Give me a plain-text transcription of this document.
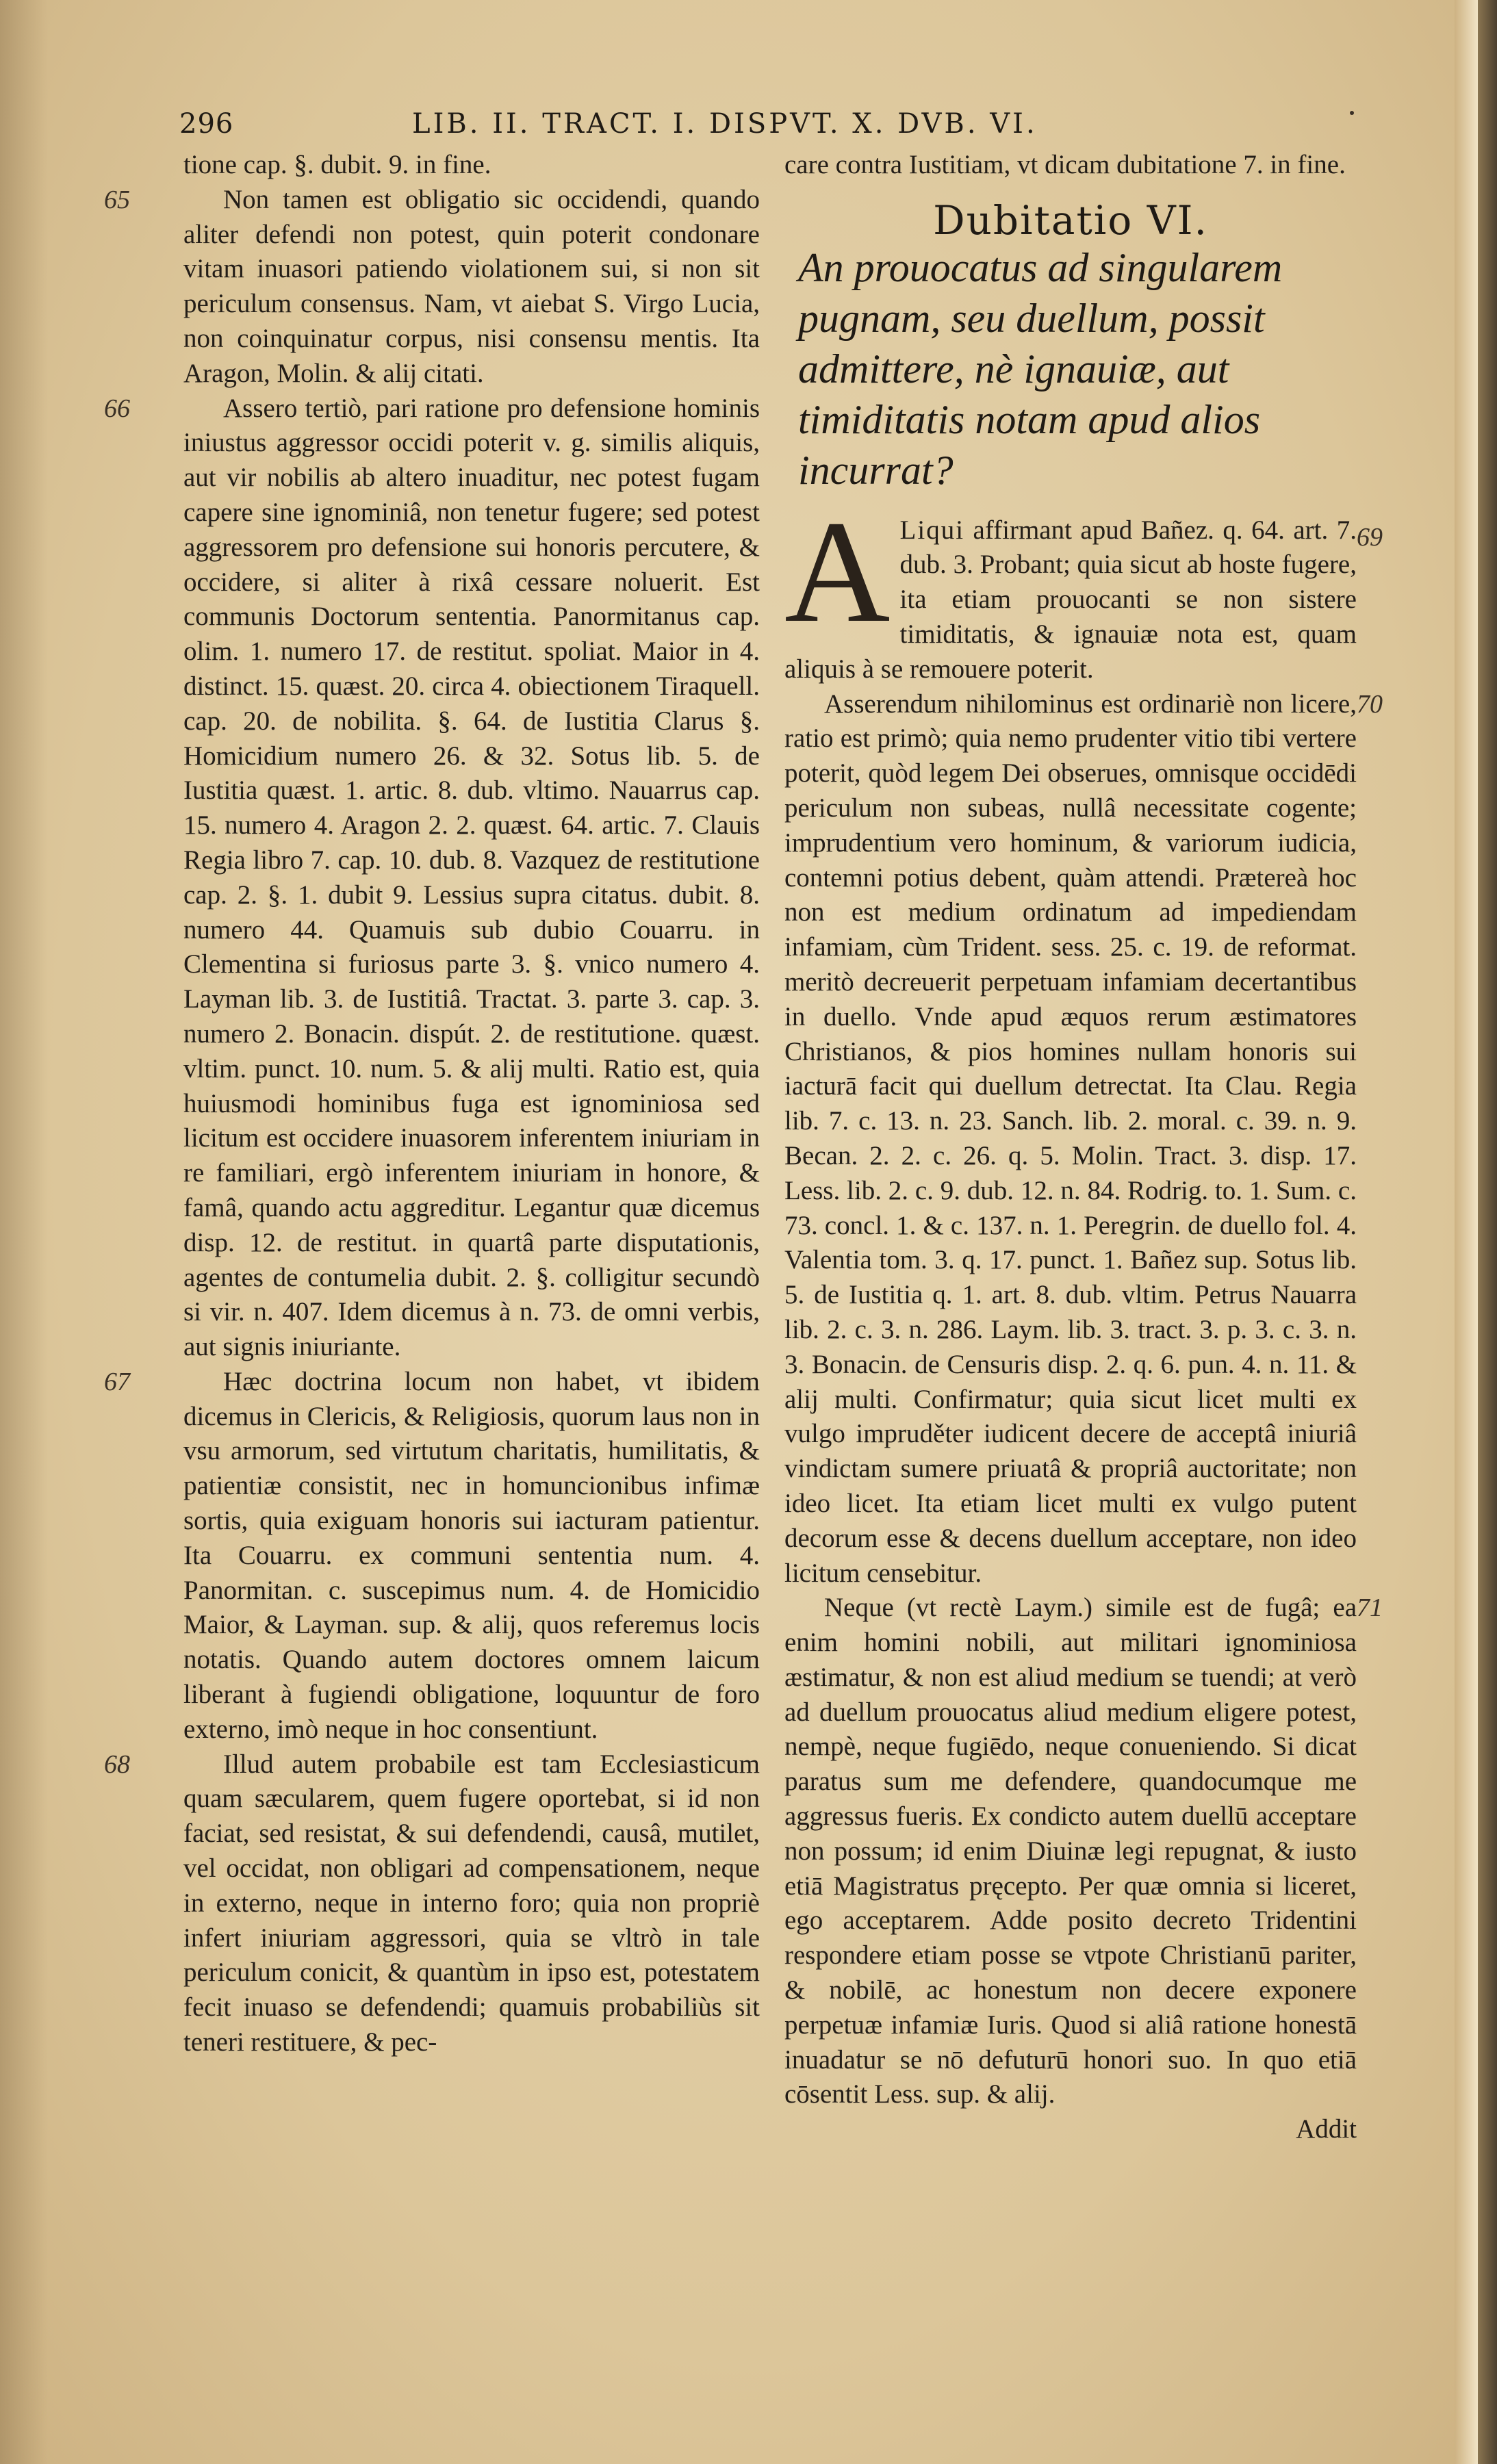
296	LIB. II. TRACT. I. DISPVT. X. DVB. VI.

tione cap. §. dubit. 9. in fine.

65	Non tamen est obligatio sic occidendi, quando aliter defendi non potest, quin poterit condonare vitam inuasori patiendo violationem sui, si non sit periculum consensus. Nam, vt aiebat S. Virgo Lucia, non coinquinatur corpus, nisi consensu mentis. Ita Aragon, Molin. & alij citati.

66	Assero tertiò, pari ratione pro defensione hominis iniustus aggressor occidi poterit v. g. similis aliquis, aut vir nobilis ab altero inuaditur, nec potest fugam capere sine ignominiâ, non tenetur fugere; sed potest aggressorem pro defensione sui honoris percutere, & occidere, si aliter à rixâ cessare noluerit. Est communis Doctorum sententia. Panormitanus cap. olim. 1. numero 17. de restitut. spoliat. Maior in 4. distinct. 15. quæst. 20. circa 4. obiectionem Tiraquell. cap. 20. de nobilita. §. 64. de Iustitia Clarus §. Homicidium numero 26. & 32. Sotus lib. 5. de Iustitia quæst. 1. artic. 8. dub. vltimo. Nauarrus cap. 15. numero 4. Aragon 2. 2. quæst. 64. artic. 7. Clauis Regia libro 7. cap. 10. dub. 8. Vazquez de restitutione cap. 2. §. 1. dubit 9. Lessius supra citatus. dubit. 8. numero 44. Quamuis sub dubio Couarru. in Clementina si furiosus parte 3. §. vnico numero 4. Layman lib. 3. de Iustitiâ. Tractat. 3. parte 3. cap. 3. numero 2. Bonacin. dispút. 2. de restitutione. quæst. vltim. punct. 10. num. 5. & alij multi. Ratio est, quia huiusmodi hominibus fuga est ignominiosa sed licitum est occidere inuasorem inferentem iniuriam in re familiari, ergò inferentem iniuriam in honore, & famâ, quando actu aggreditur. Legantur quæ dicemus disp. 12. de restitut. in quartâ parte disputationis, agentes de contumelia dubit. 2. §. colligitur secundò si vir. n. 407. Idem dicemus à n. 73. de omni verbis, aut signis iniuriante.

67	Hæc doctrina locum non habet, vt ibidem dicemus in Clericis, & Religiosis, quorum laus non in vsu armorum, sed virtutum charitatis, humilitatis, & patientiæ consistit, nec in homuncionibus infimæ sortis, quia exiguam honoris sui iacturam patientur. Ita Couarru. ex communi sententia num. 4. Panormitan. c. suscepimus num. 4. de Homicidio Maior, & Layman. sup. & alij, quos referemus locis notatis. Quando autem doctores omnem laicum liberant à fugiendi obligatione, loquuntur de foro externo, imò neque in hoc consentiunt.

68	Illud autem probabile est tam Ecclesiasticum quam sæcularem, quem fugere oportebat, si id non faciat, sed resistat, & sui defendendi, causâ, mutilet, vel occidat, non obligari ad compensationem, neque in externo, neque in interno foro; quia non propriè infert iniuriam aggressori, quia se vltrò in tale periculum conicit, & quantùm in ipso est, potestatem fecit inuaso se defendendi; quamuis probabiliùs sit teneri restituere, & pec-

care contra Iustitiam, vt dicam dubitatione 7. in fine.

Dubitatio VI.
An prouocatus ad singularem pugnam, seu duellum, possit admittere, nè ignauiæ, aut timiditatis notam apud alios incurrat?
69

A Liqui affirmant apud Bañez. q. 64. art. 7. dub. 3. Probant; quia sicut ab hoste fugere, ita etiam prouocanti se non sistere timiditatis, & ignauiæ nota est, quam aliquis à se remouere poterit.

70

Asserendum nihilominus est ordinariè non licere, ratio est primò; quia nemo prudenter vitio tibi vertere poterit, quòd legem Dei obserues, omnisque occidēdi periculum non subeas, nullâ necessitate cogente; imprudentium vero hominum, & variorum iudicia, contemni potius debent, quàm attendi. Prætereà hoc non est medium ordinatum ad impediendam infamiam, cùm Trident. sess. 25. c. 19. de reformat. meritò decreuerit perpetuam infamiam decertantibus in duello. Vnde apud æquos rerum æstimatores Christianos, & pios homines nullam honoris sui iacturā facit qui duellum detrectat. Ita Clau. Regia lib. 7. c. 13. n. 23. Sanch. lib. 2. moral. c. 39. n. 9. Becan. 2. 2. c. 26. q. 5. Molin. Tract. 3. disp. 17. Less. lib. 2. c. 9. dub. 12. n. 84. Rodrig. to. 1. Sum. c. 73. concl. 1. & c. 137. n. 1. Peregrin. de duello fol. 4. Valentia tom. 3. q. 17. punct. 1. Bañez sup. Sotus lib. 5. de Iustitia q. 1. art. 8. dub. vltim. Petrus Nauarra lib. 2. c. 3. n. 286. Laym. lib. 3. tract. 3. p. 3. c. 3. n. 3. Bonacin. de Censuris disp. 2. q. 6. pun. 4. n. 11. & alij multi. Confirmatur; quia sicut licet multi ex vulgo impruděter iudicent decere de acceptâ iniuriâ vindictam sumere priuatâ & propriâ auctoritate; non ideo licet. Ita etiam licet multi ex vulgo putent decorum esse & decens duellum acceptare, non ideo licitum censebitur.

71

Neque (vt rectè Laym.) simile est de fugâ; ea enim homini nobili, aut militari ignominiosa æstimatur, & non est aliud medium se tuendi; at verò ad duellum prouocatus aliud medium eligere potest, nempè, neque fugiēdo, neque conueniendo. Si dicat paratus sum me defendere, quandocumque me aggressus fueris. Ex condicto autem duellū acceptare non possum; id enim Diuinæ legi repugnat, & iusto etiā Magistratus pręcepto. Per quæ omnia si liceret, ego acceptarem. Adde posito decreto Tridentini respondere etiam posse se vtpote Christianū pariter, & nobilē, ac honestum non decere exponere perpetuæ infamiæ Iuris. Quod si aliâ ratione honestā inuadatur se nō defuturū honori suo. In quo etiā cōsentit Less. sup. & alij.

Addit
